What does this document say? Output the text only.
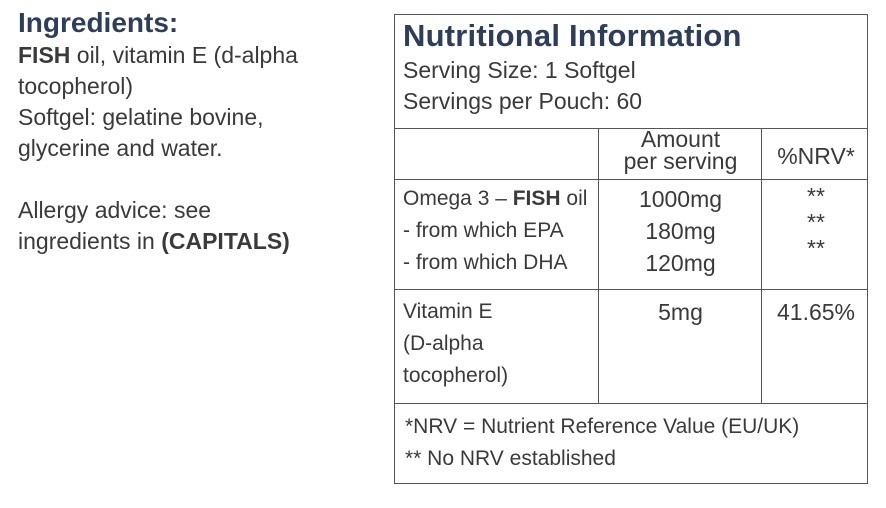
Ingredients:
FISH oil, vitamin E (d-alpha
tocopherol)
Softgel: gelatine bovine,
glycerine and water.
Allergy advice: see
ingredients in (CAPITALS)
Nutritional Information
Serving Size: 1 Softgel
Servings per Pouch: 60
Amount
per serving	%NRV*
Omega 3 – FISH oil
- from which EPA
- from which DHA
1000mg
180mg
120mg
**
**
**
Vitamin E
(D-alpha
tocopherol)
5mg	41.65%
*NRV = Nutrient Reference Value (EU/UK)
** No NRV established
